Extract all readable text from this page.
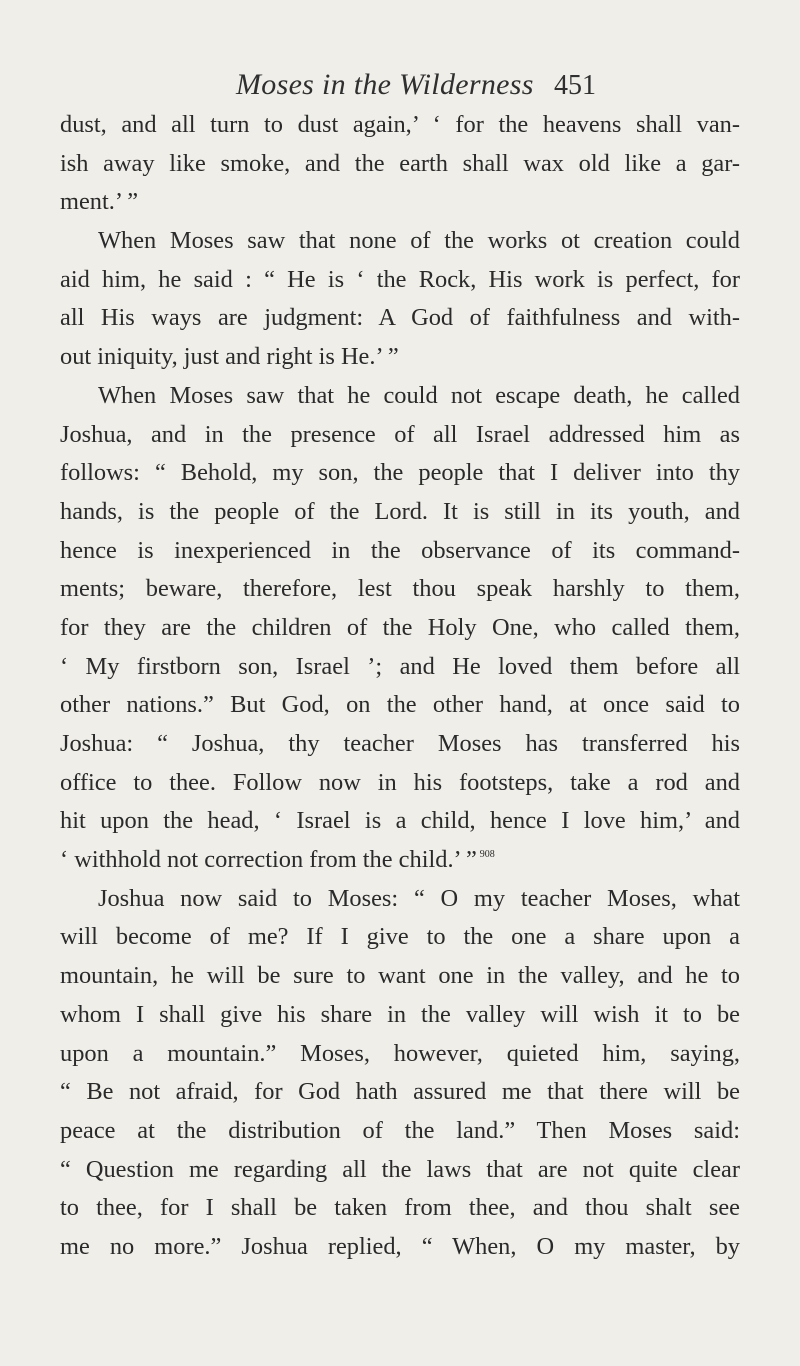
Moses in the Wilderness 451
dust, and all turn to dust again,’ ‘ for the heavens shall van-
ish away like smoke, and the earth shall wax old like a gar-
ment.’ ”
When Moses saw that none of the works ot creation could
aid him, he said : “ He is ‘ the Rock, His work is perfect, for
all His ways are judgment: A God of faithfulness and with-
out iniquity, just and right is He.’ ”
When Moses saw that he could not escape death, he called
Joshua, and in the presence of all Israel addressed him as
follows: “ Behold, my son, the people that I deliver into thy
hands, is the people of the Lord. It is still in its youth, and
hence is inexperienced in the observance of its command-
ments; beware, therefore, lest thou speak harshly to them,
for they are the children of the Holy One, who called them,
‘ My firstborn son, Israel ’; and He loved them before all
other nations.” But God, on the other hand, at once said to
Joshua: “ Joshua, thy teacher Moses has transferred his
office to thee. Follow now in his footsteps, take a rod and
hit upon the head, ‘ Israel is a child, hence I love him,’ and
‘ withhold not correction from the child.’ ” $^{908}$
Joshua now said to Moses: “ O my teacher Moses, what
will become of me? If I give to the one a share upon a
mountain, he will be sure to want one in the valley, and he to
whom I shall give his share in the valley will wish it to be
upon a mountain.” Moses, however, quieted him, saying,
“ Be not afraid, for God hath assured me that there will be
peace at the distribution of the land.” Then Moses said:
“ Question me regarding all the laws that are not quite clear
to thee, for I shall be taken from thee, and thou shalt see
me no more.” Joshua replied, “ When, O my master, by
